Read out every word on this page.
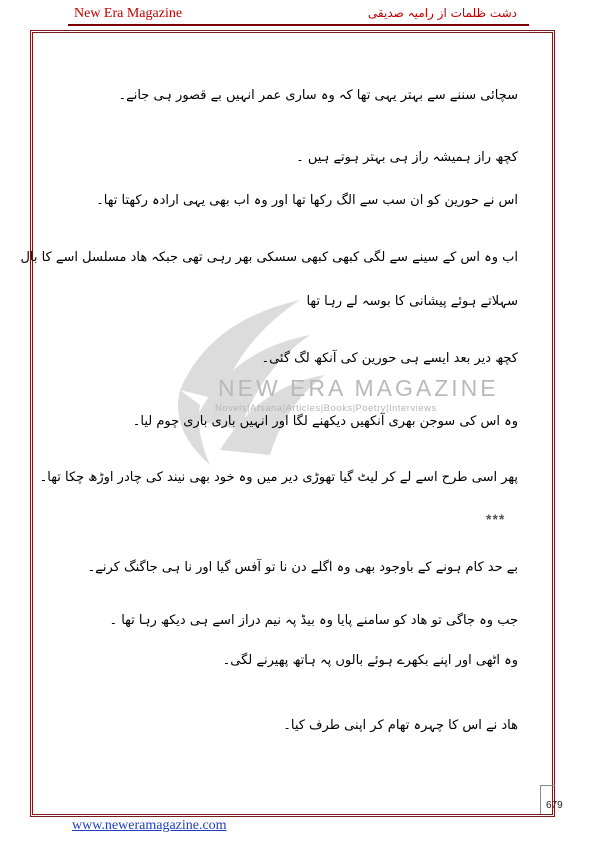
New Era Magazine	دشت ظلمات از رامیہ صدیقی
NEW ERA MAGAZINE
Novels|Afsana|Articles|Books|Poetry|Interviews
سچائی سننے سے بہتر یہی تھا کہ وہ ساری عمر انہیں بے قصور ہی جانے۔
کچھ راز ہمیشہ راز ہی بہتر ہوتے ہیں ۔
اس نے حورین کو ان سب سے الگ رکھا تھا اور وہ اب بھی یہی ارادہ رکھتا تھا۔
اب وہ اس کے سینے سے لگی کبھی کبھی سسکی بھر رہی تھی جبکہ ھاد مسلسل اسے کا بال
سہلاتے ہوئے پیشانی کا بوسہ لے رہا تھا
کچھ دیر بعد ایسے ہی حورین کی آنکھ لگ گئی۔
وہ اس کی سوجن بھری آنکھیں دیکھنے لگا اور انہیں باری باری چوم لیا۔
پھر اسی طرح اسے لے کر لیٹ گیا تھوڑی دیر میں وہ خود بھی نیند کی چادر اوڑھ چکا تھا۔
***
بے حد کام ہونے کے باوجود بھی وہ اگلے دن نا تو آفس گیا اور نا ہی جاگنگ کرنے۔
جب وہ جاگی تو ھاد کو سامنے پایا وہ بیڈ پہ نیم دراز اسے ہی دیکھ رہا تھا ۔
وہ اٹھی اور اپنے بکھرے ہوئے بالوں پہ ہاتھ پھیرنے لگی۔
ھاد نے اس کا چہرہ تھام کر اپنی طرف کیا۔
679
www.neweramagazine.com
